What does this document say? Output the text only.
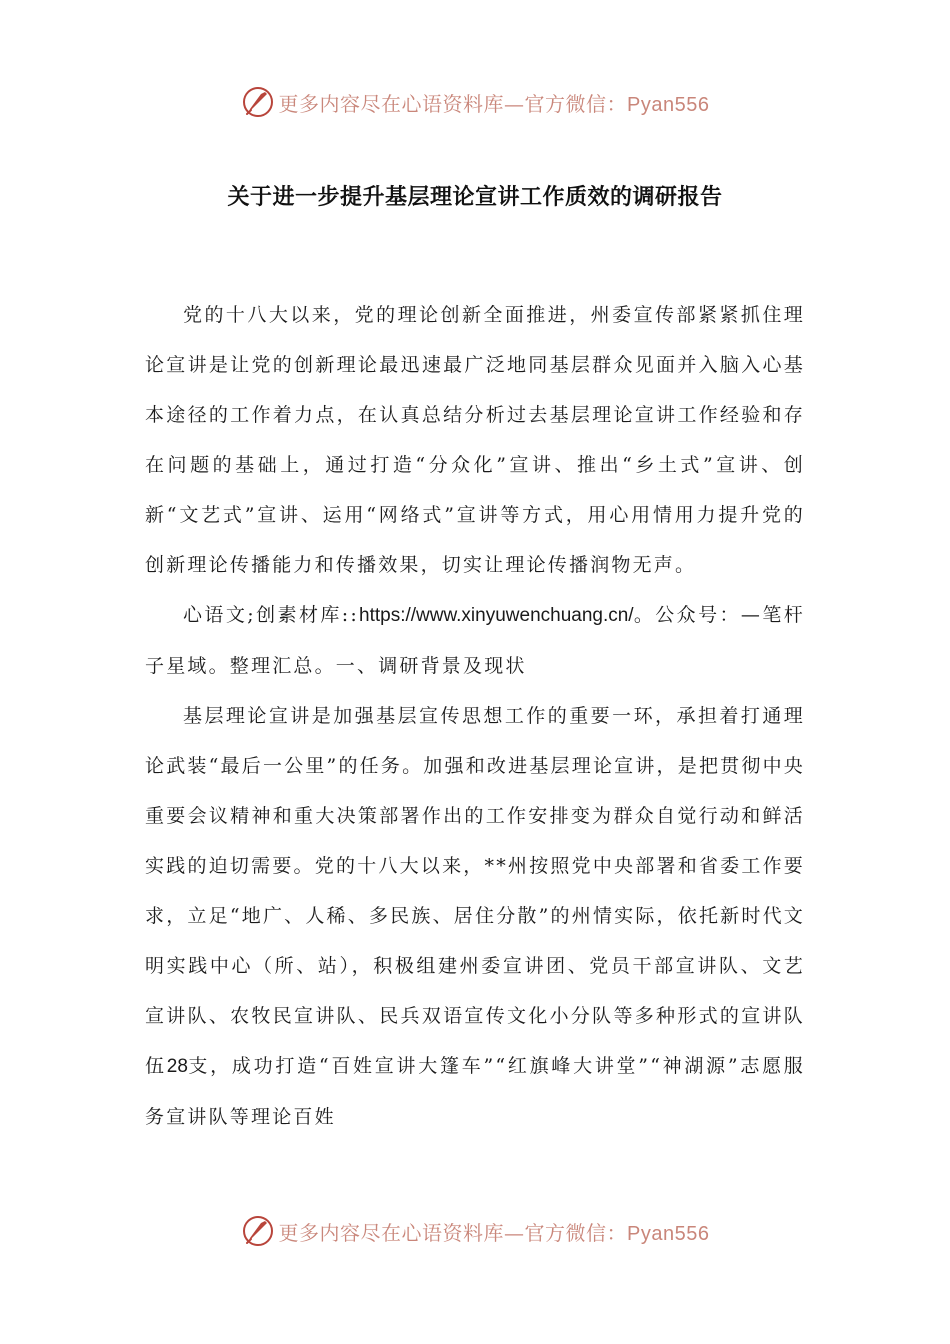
更多内容尽在心语资料库—官方微信：Pyan556
关于进一步提升基层理论宣讲工作质效的调研报告

党的十八大以来，党的理论创新全面推进，州委宣传部紧紧抓住理论宣讲是让党的创新理论最迅速最广泛地同基层群众见面并入脑入心基本途径的工作着力点，在认真总结分析过去基层理论宣讲工作经验和存在问题的基础上，通过打造“分众化”宣讲、推出“乡土式”宣讲、创新“文艺式”宣讲、运用“网络式”宣讲等方式，用心用情用力提升党的创新理论传播能力和传播效果，切实让理论传播润物无声。

心语文;创素材库::https://www.xinyuwenchuang.cn/。公众号：—笔杆子星域。整理汇总。一、调研背景及现状

基层理论宣讲是加强基层宣传思想工作的重要一环，承担着打通理论武装“最后一公里”的任务。加强和改进基层理论宣讲，是把贯彻中央重要会议精神和重大决策部署作出的工作安排变为群众自觉行动和鲜活实践的迫切需要。党的十八大以来，**州按照党中央部署和省委工作要求，立足“地广、人稀、多民族、居住分散”的州情实际，依托新时代文明实践中心（所、站），积极组建州委宣讲团、党员干部宣讲队、文艺宣讲队、农牧民宣讲队、民兵双语宣传文化小分队等多种形式的宣讲队伍28支，成功打造“百姓宣讲大篷车”“红旗峰大讲堂”“神湖源”志愿服务宣讲队等理论百姓

更多内容尽在心语资料库—官方微信：Pyan556
